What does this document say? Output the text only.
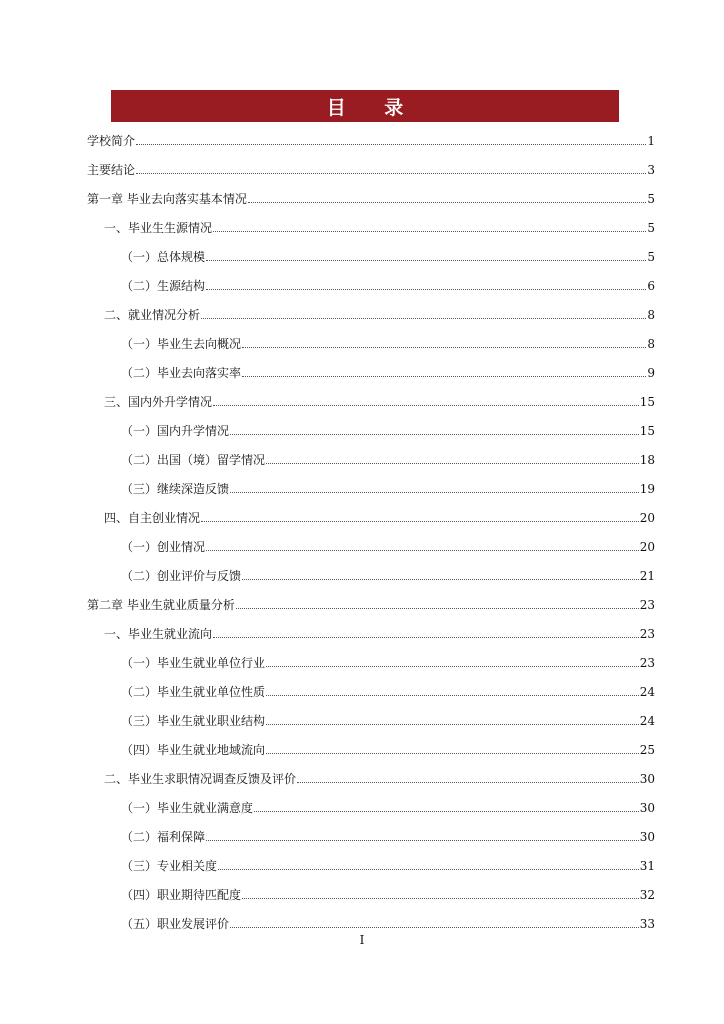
目 录
学校简介	1
主要结论	3
第一章 毕业去向落实基本情况	5
一、毕业生生源情况	5
（一）总体规模	5
（二）生源结构	6
二、就业情况分析	8
（一）毕业生去向概况	8
（二）毕业去向落实率	9
三、国内外升学情况	15
（一）国内升学情况	15
（二）出国（境）留学情况	18
（三）继续深造反馈	19
四、自主创业情况	20
（一）创业情况	20
（二）创业评价与反馈	21
第二章 毕业生就业质量分析	23
一、毕业生就业流向	23
（一）毕业生就业单位行业	23
（二）毕业生就业单位性质	24
（三）毕业生就业职业结构	24
（四）毕业生就业地域流向	25
二、毕业生求职情况调查反馈及评价	30
（一）毕业生就业满意度	30
（二）福利保障	30
（三）专业相关度	31
（四）职业期待匹配度	32
（五）职业发展评价	33
I
